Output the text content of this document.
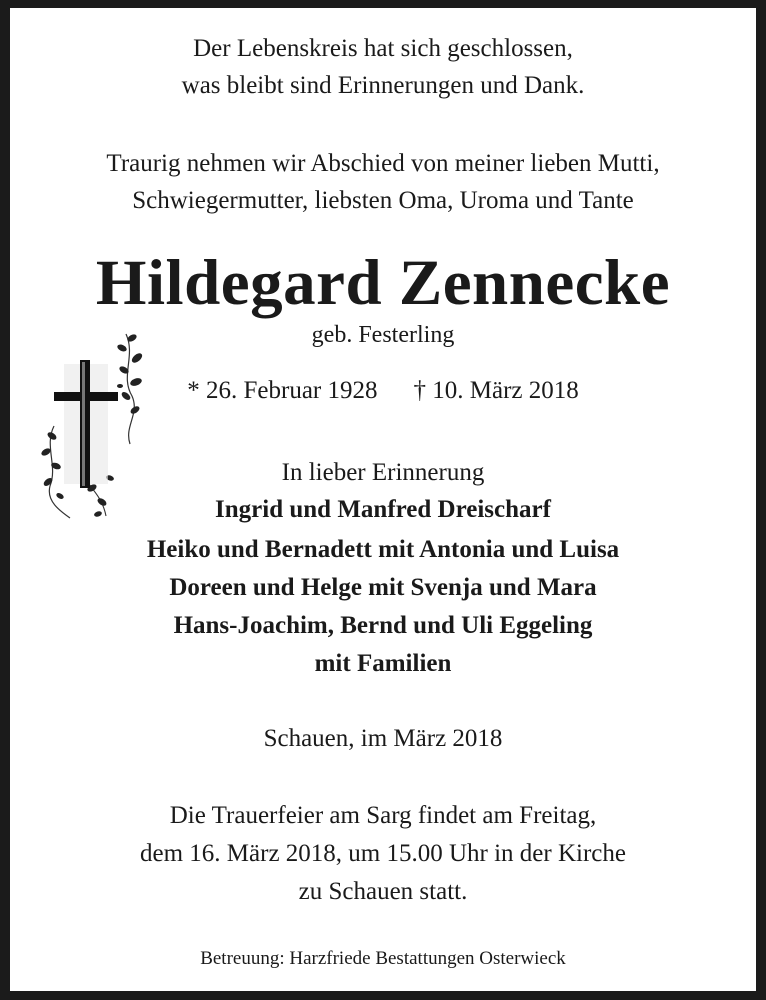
Der Lebenskreis hat sich geschlossen,
was bleibt sind Erinnerungen und Dank.
Traurig nehmen wir Abschied von meiner lieben Mutti,
Schwiegermutter, liebsten Oma, Uroma und Tante
Hildegard Zennecke
geb. Festerling
* 26. Februar 1928 † 10. März 2018
In lieber Erinnerung
Ingrid und Manfred Dreischarf
Heiko und Bernadett mit Antonia und Luisa
Doreen und Helge mit Svenja und Mara
Hans-Joachim, Bernd und Uli Eggeling
mit Familien
Schauen, im März 2018
Die Trauerfeier am Sarg findet am Freitag,
dem 16. März 2018, um 15.00 Uhr in der Kirche
zu Schauen statt.
Betreuung: Harzfriede Bestattungen Osterwieck
